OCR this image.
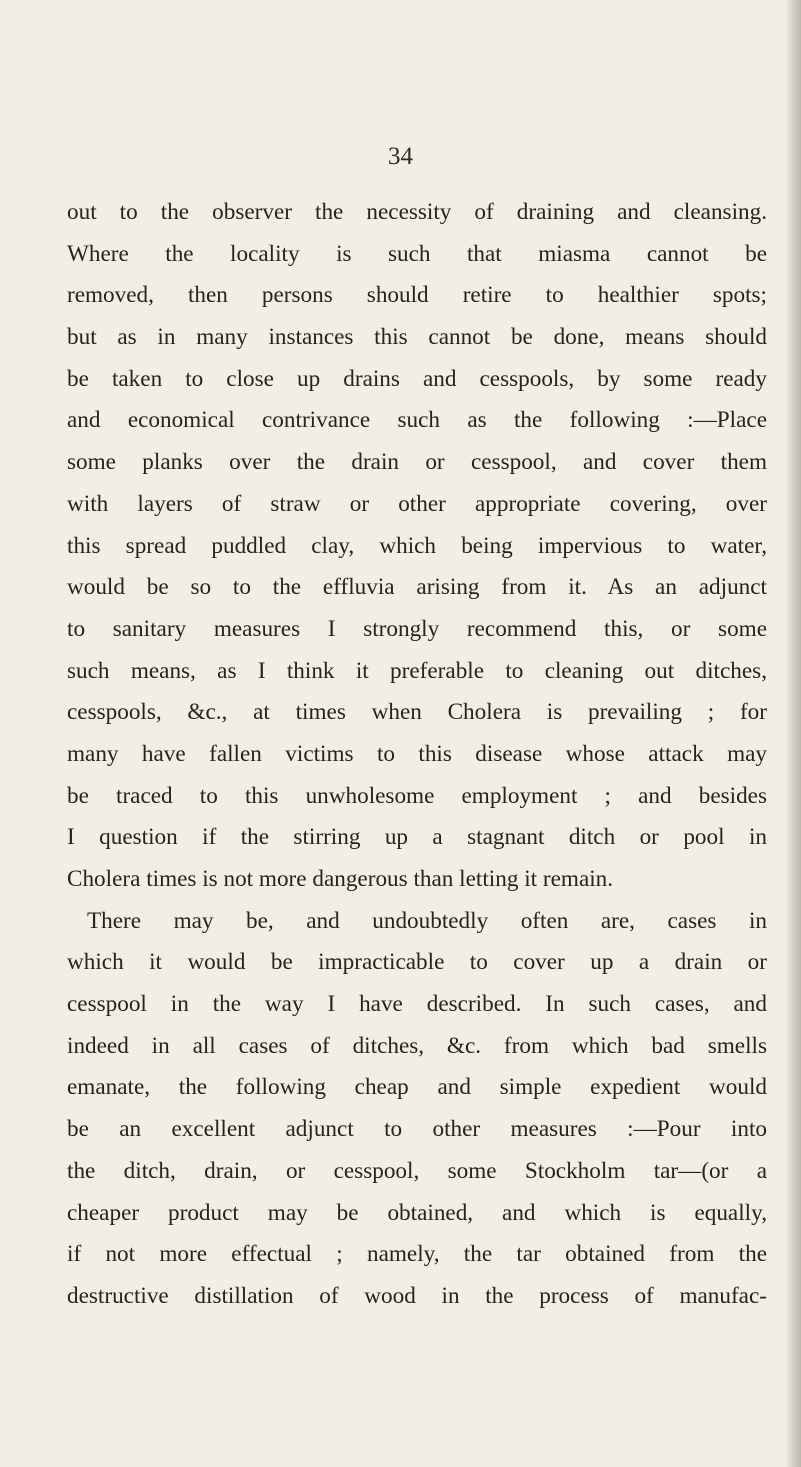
34

out to the observer the necessity of draining and cleansing.
Where the locality is such that miasma cannot be
removed, then persons should retire to healthier spots;
but as in many instances this cannot be done, means should
be taken to close up drains and cesspools, by some ready
and economical contrivance such as the following :—Place
some planks over the drain or cesspool, and cover them
with layers of straw or other appropriate covering, over
this spread puddled clay, which being impervious to water,
would be so to the effluvia arising from it. As an adjunct
to sanitary measures I strongly recommend this, or some
such means, as I think it preferable to cleaning out ditches,
cesspools, &c., at times when Cholera is prevailing ; for
many have fallen victims to this disease whose attack may
be traced to this unwholesome employment ; and besides
I question if the stirring up a stagnant ditch or pool in
Cholera times is not more dangerous than letting it remain.
There may be, and undoubtedly often are, cases in
which it would be impracticable to cover up a drain or
cesspool in the way I have described. In such cases, and
indeed in all cases of ditches, &c. from which bad smells
emanate, the following cheap and simple expedient would
be an excellent adjunct to other measures :—Pour into
the ditch, drain, or cesspool, some Stockholm tar—(or a
cheaper product may be obtained, and which is equally,
if not more effectual ; namely, the tar obtained from the
destructive distillation of wood in the process of manufac-
